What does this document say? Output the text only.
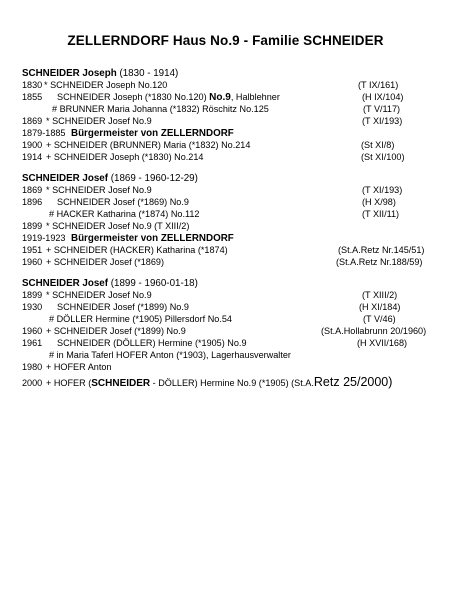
ZELLERNDORF Haus No.9 - Familie SCHNEIDER
SCHNEIDER Joseph (1830 - 1914)
1830 * SCHNEIDER Joseph No.120	(T IX/161)
1855 SCHNEIDER Joseph (*1830 No.120) No.9, Halblehner	(H IX/104)
# BRUNNER Maria Johanna (*1832) Röschitz No.125	(T V/117)
1869 * SCHNEIDER Josef No.9	(T XI/193)
1879-1885 Bürgermeister von ZELLERNDORF
1900 + SCHNEIDER (BRUNNER) Maria (*1832) No.214	(St XI/8)
1914 + SCHNEIDER Joseph (*1830) No.214	(St XI/100)
SCHNEIDER Josef (1869 - 1960-12-29)
1869 * SCHNEIDER Josef No.9	(T XI/193)
1896 SCHNEIDER Josef (*1869) No.9	(H X/98)
# HACKER Katharina (*1874) No.112	(T XII/11)
1899 * SCHNEIDER Josef No.9 (T XIII/2)
1919-1923 Bürgermeister von ZELLERNDORF
1951 + SCHNEIDER (HACKER) Katharina (*1874)	(St.A.Retz Nr.145/51)
1960 + SCHNEIDER Josef (*1869)	(St.A.Retz Nr.188/59)
SCHNEIDER Josef (1899 - 1960-01-18)
1899 * SCHNEIDER Josef No.9	(T XIII/2)
1930 SCHNEIDER Josef (*1899) No.9	(H XI/184)
# DÖLLER Hermine (*1905) Pillersdorf No.54	(T V/46)
1960 + SCHNEIDER Josef (*1899) No.9	(St.A.Hollabrunn 20/1960)
1961 SCHNEIDER (DÖLLER) Hermine (*1905) No.9	(H XVII/168)
# in Maria Taferl HOFER Anton (*1903), Lagerhausverwalter
1980 + HOFER Anton
2000 + HOFER (SCHNEIDER - DÖLLER) Hermine No.9 (*1905) (St.A.Retz 25/2000)
